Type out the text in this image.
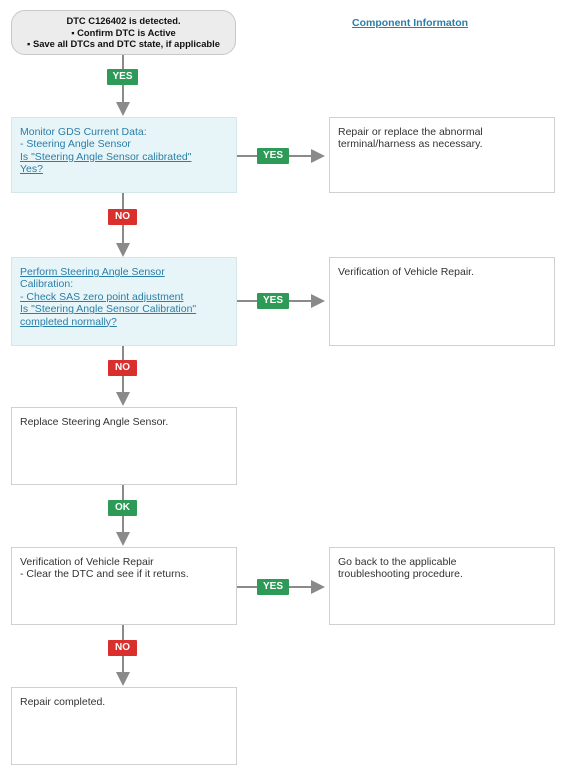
DTC C126402 is detected.
▪ Confirm DTC is Active
▪ Save all DTCs and DTC state, if applicable
Component Informaton
YES
Monitor GDS Current Data:
- Steering Angle Sensor
Is "Steering Angle Sensor calibrated"
Yes?
YES
Repair or replace the abnormal
terminal/harness as necessary.
NO
Perform Steering Angle Sensor
Calibration:
- Check SAS zero point adjustment
Is "Steering Angle Sensor Calibration"
completed normally?
YES
Verification of Vehicle Repair.
NO
Replace Steering Angle Sensor.
OK
Verification of Vehicle Repair
- Clear the DTC and see if it returns.
YES
Go back to the applicable
troubleshooting procedure.
NO
Repair completed.
